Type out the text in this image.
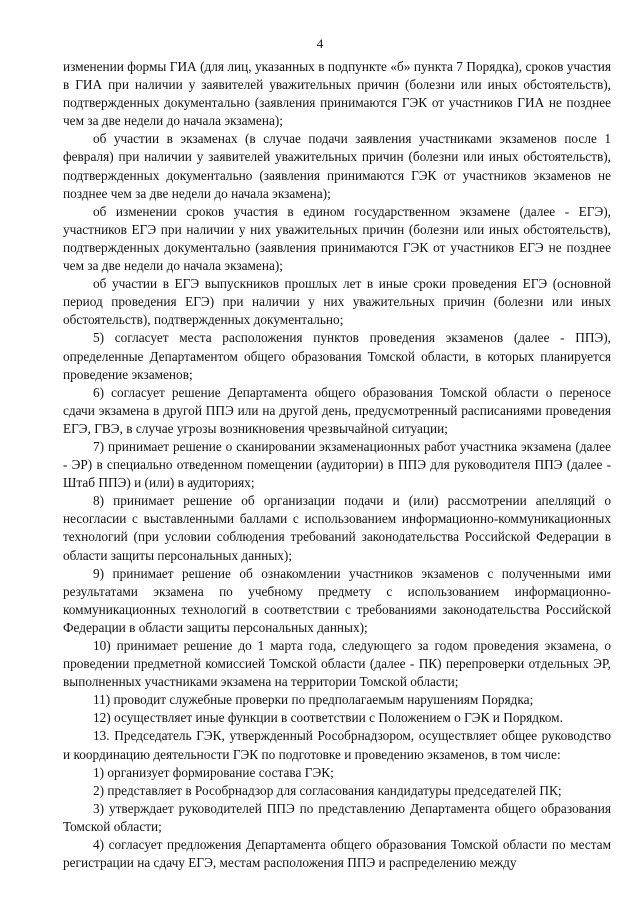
4

изменении формы ГИА (для лиц, указанных в подпункте «б» пункта 7 Порядка), сроков участия в ГИА при наличии у заявителей уважительных причин (болезни или иных обстоятельств), подтвержденных документально (заявления принимаются ГЭК от участников ГИА не позднее чем за две недели до начала экзамена);

об участии в экзаменах (в случае подачи заявления участниками экзаменов после 1 февраля) при наличии у заявителей уважительных причин (болезни или иных обстоятельств), подтвержденных документально (заявления принимаются ГЭК от участников экзаменов не позднее чем за две недели до начала экзамена);

об изменении сроков участия в едином государственном экзамене (далее - ЕГЭ), участников ЕГЭ при наличии у них уважительных причин (болезни или иных обстоятельств), подтвержденных документально (заявления принимаются ГЭК от участников ЕГЭ не позднее чем за две недели до начала экзамена);

об участии в ЕГЭ выпускников прошлых лет в иные сроки проведения ЕГЭ (основной период проведения ЕГЭ) при наличии у них уважительных причин (болезни или иных обстоятельств), подтвержденных документально;

5) согласует места расположения пунктов проведения экзаменов (далее - ППЭ), определенные Департаментом общего образования Томской области, в которых планируется проведение экзаменов;

6) согласует решение Департамента общего образования Томской области о переносе сдачи экзамена в другой ППЭ или на другой день, предусмотренный расписаниями проведения ЕГЭ, ГВЭ, в случае угрозы возникновения чрезвычайной ситуации;

7) принимает решение о сканировании экзаменационных работ участника экзамена (далее - ЭР) в специально отведенном помещении (аудитории) в ППЭ для руководителя ППЭ (далее - Штаб ППЭ) и (или) в аудиториях;

8) принимает решение об организации подачи и (или) рассмотрении апелляций о несогласии с выставленными баллами с использованием информационно-коммуникационных технологий (при условии соблюдения требований законодательства Российской Федерации в области защиты персональных данных);

9) принимает решение об ознакомлении участников экзаменов с полученными ими результатами экзамена по учебному предмету с использованием информационно-коммуникационных технологий в соответствии с требованиями законодательства Российской Федерации в области защиты персональных данных);

10) принимает решение до 1 марта года, следующего за годом проведения экзамена, о проведении предметной комиссией Томской области (далее - ПК) перепроверки отдельных ЭР, выполненных участниками экзамена на территории Томской области;

11) проводит служебные проверки по предполагаемым нарушениям Порядка;

12) осуществляет иные функции в соответствии с Положением о ГЭК и Порядком.

13. Председатель ГЭК, утвержденный Рособрнадзором, осуществляет общее руководство и координацию деятельности ГЭК по подготовке и проведению экзаменов, в том числе:

1) организует формирование состава ГЭК;

2) представляет в Рособрнадзор для согласования кандидатуры председателей ПК;

3) утверждает руководителей ППЭ по представлению Департамента общего образования Томской области;

4) согласует предложения Департамента общего образования Томской области по местам регистрации на сдачу ЕГЭ, местам расположения ППЭ и распределению между
